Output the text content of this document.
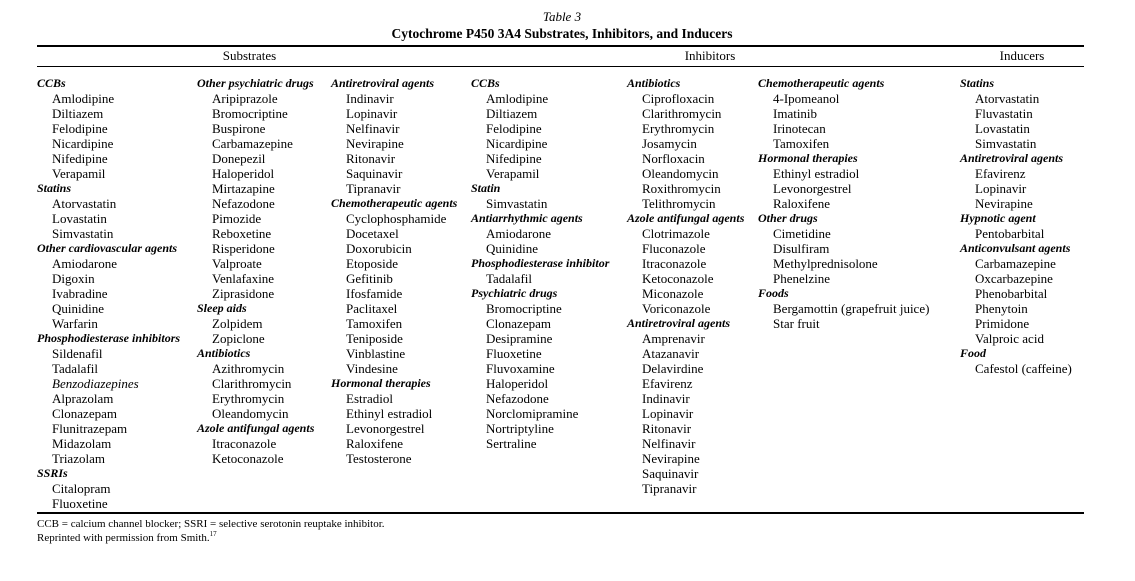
Table 3
Cytochrome P450 3A4 Substrates, Inhibitors, and Inducers
Substrates	Inhibitors	Inducers
CCBs
Amlodipine
Diltiazem
Felodipine
Nicardipine
Nifedipine
Verapamil
Statins
Atorvastatin
Lovastatin
Simvastatin
Other cardiovascular agents
Amiodarone
Digoxin
Ivabradine
Quinidine
Warfarin
Phosphodiesterase inhibitors
Sildenafil
Tadalafil
Benzodiazepines
Alprazolam
Clonazepam
Flunitrazepam
Midazolam
Triazolam
SSRIs
Citalopram
Fluoxetine
Other psychiatric drugs
Aripiprazole
Bromocriptine
Buspirone
Carbamazepine
Donepezil
Haloperidol
Mirtazapine
Nefazodone
Pimozide
Reboxetine
Risperidone
Valproate
Venlafaxine
Ziprasidone
Sleep aids
Zolpidem
Zopiclone
Antibiotics
Azithromycin
Clarithromycin
Erythromycin
Oleandomycin
Azole antifungal agents
Itraconazole
Ketoconazole
Antiretroviral agents
Indinavir
Lopinavir
Nelfinavir
Nevirapine
Ritonavir
Saquinavir
Tipranavir
Chemotherapeutic agents
Cyclophosphamide
Docetaxel
Doxorubicin
Etoposide
Gefitinib
Ifosfamide
Paclitaxel
Tamoxifen
Teniposide
Vinblastine
Vindesine
Hormonal therapies
Estradiol
Ethinyl estradiol
Levonorgestrel
Raloxifene
Testosterone
CCBs
Amlodipine
Diltiazem
Felodipine
Nicardipine
Nifedipine
Verapamil
Statin
Simvastatin
Antiarrhythmic agents
Amiodarone
Quinidine
Phosphodiesterase inhibitor
Tadalafil
Psychiatric drugs
Bromocriptine
Clonazepam
Desipramine
Fluoxetine
Fluvoxamine
Haloperidol
Nefazodone
Norclomipramine
Nortriptyline
Sertraline
Antibiotics
Ciprofloxacin
Clarithromycin
Erythromycin
Josamycin
Norfloxacin
Oleandomycin
Roxithromycin
Telithromycin
Azole antifungal agents
Clotrimazole
Fluconazole
Itraconazole
Ketoconazole
Miconazole
Voriconazole
Antiretroviral agents
Amprenavir
Atazanavir
Delavirdine
Efavirenz
Indinavir
Lopinavir
Ritonavir
Nelfinavir
Nevirapine
Saquinavir
Tipranavir
Chemotherapeutic agents
4-Ipomeanol
Imatinib
Irinotecan
Tamoxifen
Hormonal therapies
Ethinyl estradiol
Levonorgestrel
Raloxifene
Other drugs
Cimetidine
Disulfiram
Methylprednisolone
Phenelzine
Foods
Bergamottin (grapefruit juice)
Star fruit
Statins
Atorvastatin
Fluvastatin
Lovastatin
Simvastatin
Antiretroviral agents
Efavirenz
Lopinavir
Nevirapine
Hypnotic agent
Pentobarbital
Anticonvulsant agents
Carbamazepine
Oxcarbazepine
Phenobarbital
Phenytoin
Primidone
Valproic acid
Food
Cafestol (caffeine)
CCB = calcium channel blocker; SSRI = selective serotonin reuptake inhibitor.
Reprinted with permission from Smith.$^{17}$
